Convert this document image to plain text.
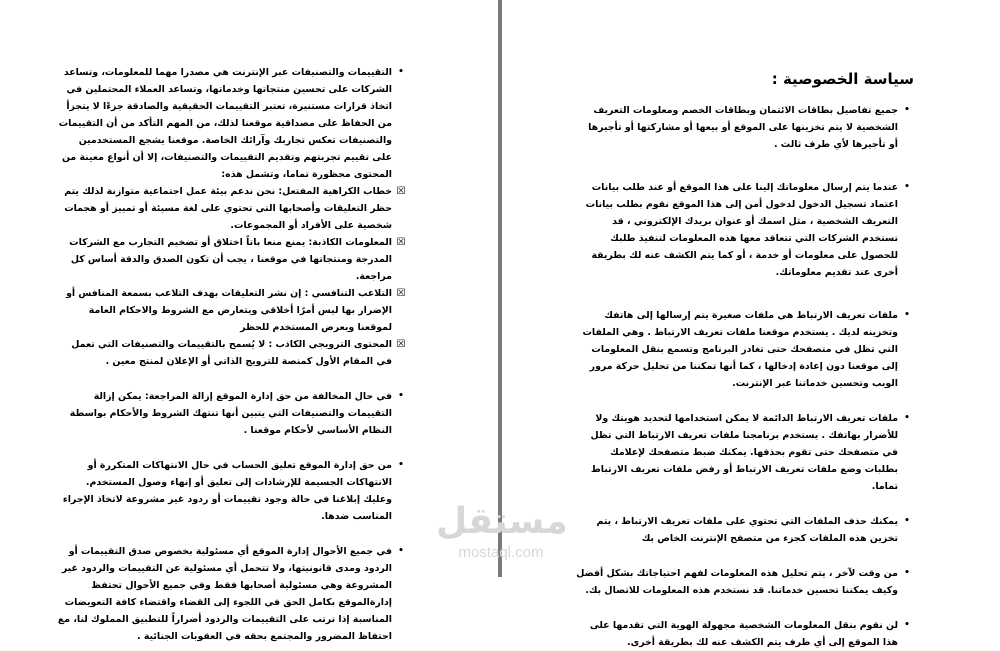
•
التقييمات والتصنيفات عبر الإنترنت هي مصدرا مهما للمعلومات، وتساعد الشركات على تحسين منتجاتها وخدماتها، وتساعد العملاء المحتملين في اتخاذ قرارات مستنيرة، تعتبر التقييمات الحقيقية والصادقة جزءًا لا يتجزأ من الحفاظ على مصداقية موقعنا لذلك، من المهم التأكد من أن التقييمات والتصنيفات تعكس تجاربك وآرائك الخاصة. موقعنا يشجع المستخدمين على تقييم تجربتهم وتقديم التقييمات والتصنيفات، إلا أن أنواع معينة من المحتوى محظورة تماما، وتشمل هذه:
☒
خطاب الكراهية المفتعل: نحن ندعم بيئة عمل اجتماعية متوازنة لذلك يتم حظر التعليقات وأصحابها التي تحتوي على لغة مسيئة أو تمييز أو هجمات شخصية على الأفراد أو المجموعات.
☒
المعلومات الكاذبة: يمنع منعا باتاً اختلاق أو تضخيم التجارب مع الشركات المدرجة ومنتجاتها في موقعنا ، يجب أن تكون الصدق والدقة أساس كل مراجعة.
☒
التلاعب التنافسي : إن نشر التعليقات بهدف التلاعب بسمعة المنافس أو الإضرار بها ليس أمرًا أخلاقي ويتعارض مع الشروط والاحكام العامة لموقعنا ويعرض المستخدم للحظر
☒
المحتوى الترويجي الكاذب : لا يُسمح بالتقييمات والتصنيفات التي تعمل في المقام الأول كمنصة للترويج الذاتي أو الإعلان لمنتج معين .
•
في حال المخالفة من حق إدارة الموقع إزالة المراجعة: يمكن إزالة التقييمات والتصنيفات التي يتبين أنها تنتهك الشروط والأحكام بواسطة النظام الأساسي لأحكام موقعنا .
•
من حق إدارة الموقع تعليق الحساب في حال الانتهاكات المتكررة أو الانتهاكات الجسيمة للإرشادات إلى تعليق أو إنهاء وصول المستخدم. وعليك إبلاغنا في حالة وجود تقييمات أو ردود غير مشروعة لاتخاذ الإجراء المناسب ضدها.
•
في جميع الأحوال إدارة الموقع أي مسئولية بخصوص صدق التقييمات أو الردود ومدى قانونيتها، ولا تتحمل أي مسئولية عن التقييمات والردود غير المشروعة وهي مسئولية أصحابها فقط وفي جميع الأحوال تحتفظ إدارةالموقع بكامل الحق في اللجوء إلى القضاء واقتضاء كافة التعويضات المناسبة إذا ترتب على التقييمات والردود أضراراً للتطبيق المملوك لنا، مع احتفاظ المضرور والمجتمع بحقه في العقوبات الجنائية .
سياسة الخصوصية :
•
جميع تفاصيل بطاقات الائتمان وبطاقات الخصم ومعلومات التعريف الشخصية لا يتم تخزينها على الموقع أو بيعها أو مشاركتها أو تأجيرها أو تأجيرها لأي طرف ثالث .
•
عندما يتم إرسال معلوماتك إلينا على هذا الموقع أو عند طلب بيانات اعتماد تسجيل الدخول لدخول أمن إلى هذا الموقع نقوم بطلب بيانات التعريف الشخصية ، مثل اسمك أو عنوان بريدك الإلكتروني ، قد تستخدم الشركات التي تتعاقد معها هذه المعلومات لتنفيذ طلبك للحصول على معلومات أو خدمة ، أو كما يتم الكشف عنه لك بطريقة أخرى عند تقديم معلوماتك.
•
ملفات تعريف الارتباط هي ملفات صغيرة يتم إرسالها إلى هاتفك وتخزينه لديك . يستخدم موقعنا ملفات تعريف الارتباط . وهي الملفات التي تظل في متصفحك حتى تغادر البرنامج وتسمع بنقل المعلومات إلى موقعنا دون إعادة إدخالها ، كما أنها تمكننا من تحليل حركة مرور الويب وتحسين خدماتنا عبر الإنترنت.
•
ملفات تعريف الارتباط الدائمة لا يمكن استخدامها لتحديد هويتك ولا للأضرار بهاتفك . يستخدم برنامجنا ملفات تعريف الارتباط التي تظل في متصفحك حتى تقوم بحذفها. يمكنك ضبط متصفحك لإعلامك بطلبات وضع ملفات تعريف الارتباط أو رفض ملفات تعريف الارتباط تماما.
•
يمكنك حذف الملفات التي تحتوي على ملفات تعريف الارتباط ، يتم تخزين هذه الملفات كجزء من متصفح الإنترنت الخاص بك
•
من وقت لآخر ، يتم تحليل هذه المعلومات لفهم احتياجاتك بشكل أفضل وكيف يمكننا تحسين خدماتنا. قد نستخدم هذه المعلومات للاتصال بك.
•
لن نقوم بنقل المعلومات الشخصية مجهولة الهوية التي تقدمها على هذا الموقع إلى أي طرف يتم الكشف عنه لك بطريقة أخرى.
مستقل
mostaql.com
